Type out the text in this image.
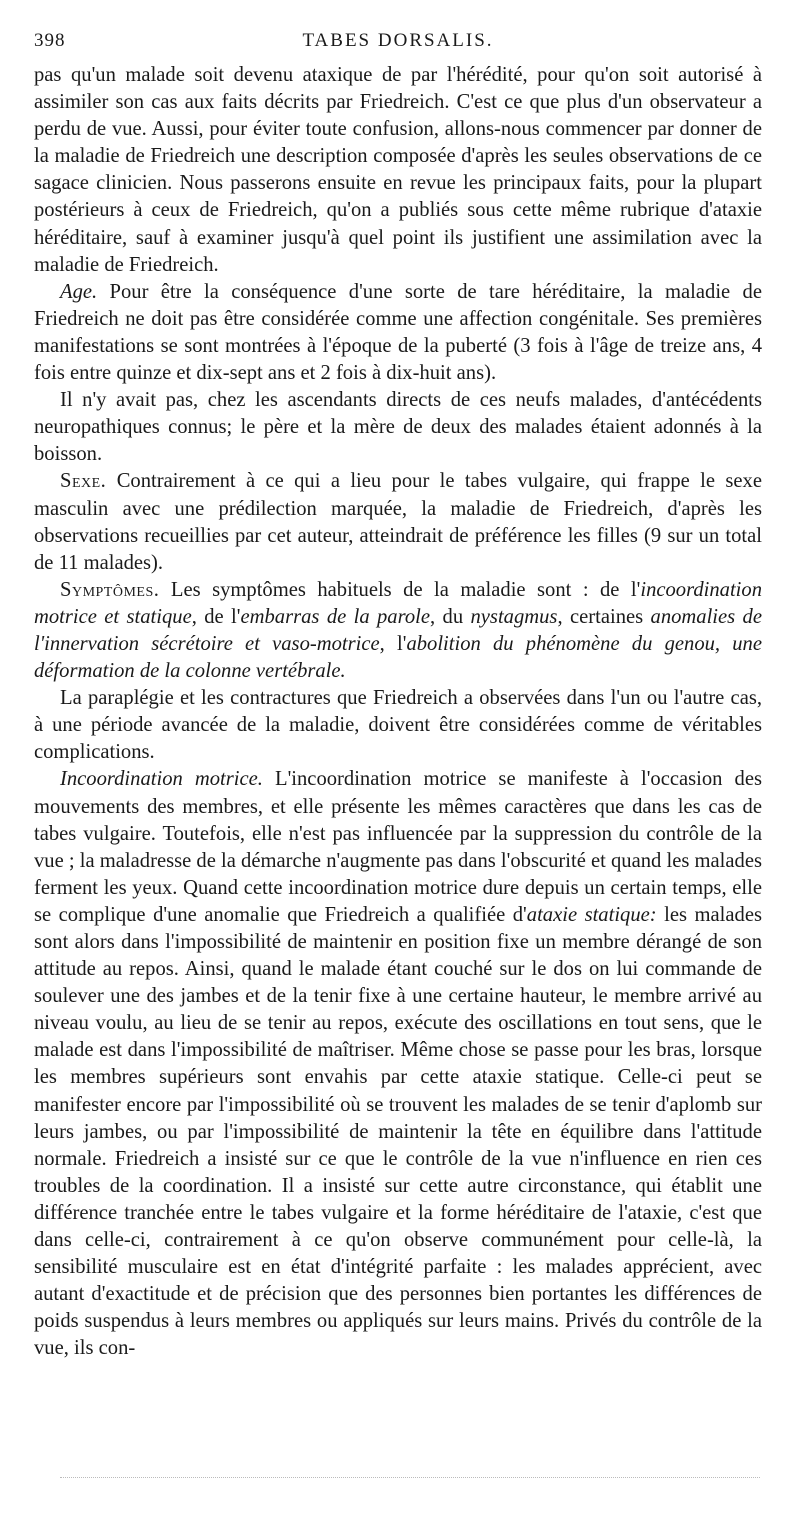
398	TABES DORSALIS.

pas qu'un malade soit devenu ataxique de par l'hérédité, pour qu'on soit autorisé à assimiler son cas aux faits décrits par Friedreich. C'est ce que plus d'un observateur a perdu de vue. Aussi, pour éviter toute confusion, allons-nous commencer par donner de la maladie de Friedreich une description composée d'après les seules observations de ce sagace clinicien. Nous passerons ensuite en revue les principaux faits, pour la plupart postérieurs à ceux de Friedreich, qu'on a publiés sous cette même rubrique d'ataxie héréditaire, sauf à examiner jusqu'à quel point ils justifient une assimilation avec la maladie de Friedreich.

Age. Pour être la conséquence d'une sorte de tare héréditaire, la maladie de Friedreich ne doit pas être considérée comme une affection congénitale. Ses premières manifestations se sont montrées à l'époque de la puberté (3 fois à l'âge de treize ans, 4 fois entre quinze et dix-sept ans et 2 fois à dix-huit ans).

Il n'y avait pas, chez les ascendants directs de ces neufs malades, d'antécédents neuropathiques connus; le père et la mère de deux des malades étaient adonnés à la boisson.

Sexe. Contrairement à ce qui a lieu pour le tabes vulgaire, qui frappe le sexe masculin avec une prédilection marquée, la maladie de Friedreich, d'après les observations recueillies par cet auteur, atteindrait de préférence les filles (9 sur un total de 11 malades).

Symptômes. Les symptômes habituels de la maladie sont : de l'incoordination motrice et statique, de l'embarras de la parole, du nystagmus, certaines anomalies de l'innervation sécrétoire et vaso-motrice, l'abolition du phénomène du genou, une déformation de la colonne vertébrale.

La paraplégie et les contractures que Friedreich a observées dans l'un ou l'autre cas, à une période avancée de la maladie, doivent être considérées comme de véritables complications.

Incoordination motrice. L'incoordination motrice se manifeste à l'occasion des mouvements des membres, et elle présente les mêmes caractères que dans les cas de tabes vulgaire. Toutefois, elle n'est pas influencée par la suppression du contrôle de la vue ; la maladresse de la démarche n'augmente pas dans l'obscurité et quand les malades ferment les yeux. Quand cette incoordination motrice dure depuis un certain temps, elle se complique d'une anomalie que Friedreich a qualifiée d'ataxie statique: les malades sont alors dans l'impossibilité de maintenir en position fixe un membre dérangé de son attitude au repos. Ainsi, quand le malade étant couché sur le dos on lui commande de soulever une des jambes et de la tenir fixe à une certaine hauteur, le membre arrivé au niveau voulu, au lieu de se tenir au repos, exécute des oscillations en tout sens, que le malade est dans l'impossibilité de maîtriser. Même chose se passe pour les bras, lorsque les membres supérieurs sont envahis par cette ataxie statique. Celle-ci peut se manifester encore par l'impossibilité où se trouvent les malades de se tenir d'aplomb sur leurs jambes, ou par l'impossibilité de maintenir la tête en équilibre dans l'attitude normale. Friedreich a insisté sur ce que le contrôle de la vue n'influence en rien ces troubles de la coordination. Il a insisté sur cette autre circonstance, qui établit une différence tranchée entre le tabes vulgaire et la forme héréditaire de l'ataxie, c'est que dans celle-ci, contrairement à ce qu'on observe communément pour celle-là, la sensibilité musculaire est en état d'intégrité parfaite : les malades apprécient, avec autant d'exactitude et de précision que des personnes bien portantes les différences de poids suspendus à leurs membres ou appliqués sur leurs mains. Privés du contrôle de la vue, ils con-
